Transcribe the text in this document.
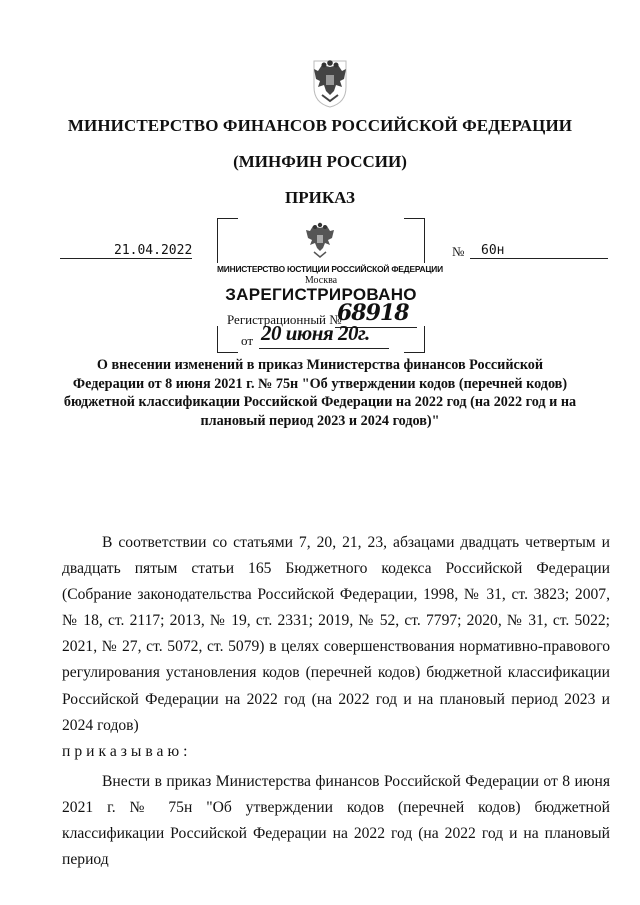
МИНИСТЕРСТВО ФИНАНСОВ РОССИЙСКОЙ ФЕДЕРАЦИИ
(МИНФИН РОССИИ)
ПРИКАЗ
21.04.2022	№ 60н
МИНИСТЕРСТВО ЮСТИЦИИ РОССИЙСКОЙ ФЕДЕРАЦИИ
Москва
ЗАРЕГИСТРИРОВАНО
Регистрационный №
68918
от 20 июня 20г.
О внесении изменений в приказ Министерства финансов Российской Федерации от 8 июня 2021 г. № 75н "Об утверждении кодов (перечней кодов) бюджетной классификации Российской Федерации на 2022 год (на 2022 год и на плановый период 2023 и 2024 годов)"

В соответствии со статьями 7, 20, 21, 23, абзацами двадцать четвертым и двадцать пятым статьи 165 Бюджетного кодекса Российской Федерации (Собрание законодательства Российской Федерации, 1998, № 31, ст. 3823; 2007, № 18, ст. 2117; 2013, № 19, ст. 2331; 2019, № 52, ст. 7797; 2020, № 31, ст. 5022; 2021, № 27, ст. 5072, ст. 5079) в целях совершенствования нормативно-правового регулирования установления кодов (перечней кодов) бюджетной классификации Российской Федерации на 2022 год (на 2022 год и на плановый период 2023 и 2024 годов)

приказываю:

Внести в приказ Министерства финансов Российской Федерации от 8 июня 2021 г. № 75н "Об утверждении кодов (перечней кодов) бюджетной классификации Российской Федерации на 2022 год (на 2022 год и на плановый период
